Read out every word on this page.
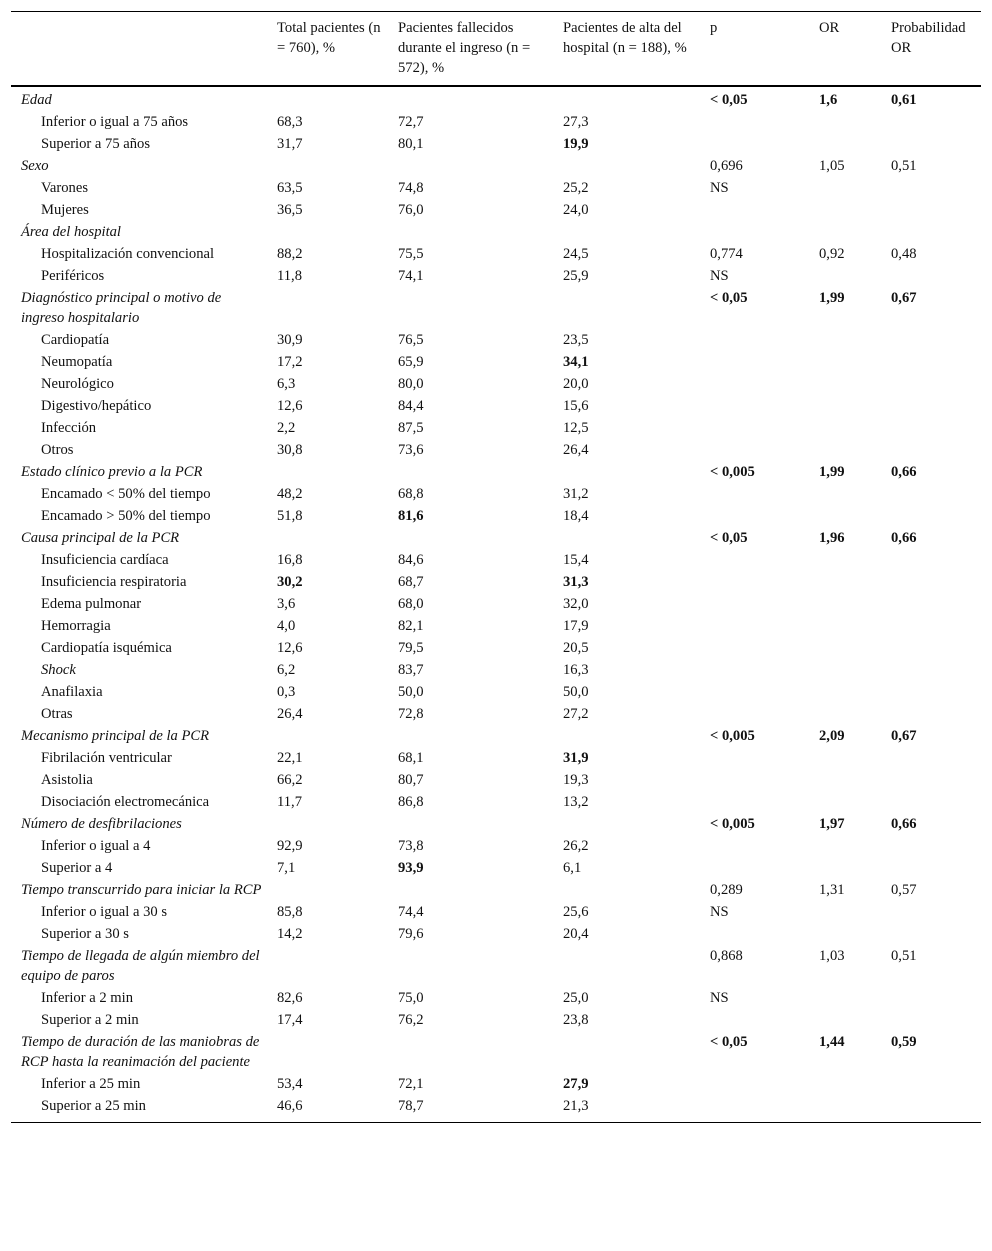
	Total pacientes (n = 760), %	Pacientes fallecidos durante el ingreso (n = 572), %	Pacientes de alta del hospital (n = 188), %	p	OR	Probabilidad OR
Edad				< 0,05	1,6	0,61
Inferior o igual a 75 años	68,3	72,7	27,3			
Superior a 75 años	31,7	80,1	19,9			
Sexo				0,696	1,05	0,51
Varones	63,5	74,8	25,2	NS		
Mujeres	36,5	76,0	24,0			
Área del hospital						
Hospitalización convencional	88,2	75,5	24,5	0,774	0,92	0,48
Periféricos	11,8	74,1	25,9	NS		
Diagnóstico principal o motivo de ingreso hospitalario				< 0,05	1,99	0,67
Cardiopatía	30,9	76,5	23,5			
Neumopatía	17,2	65,9	34,1			
Neurológico	6,3	80,0	20,0			
Digestivo/hepático	12,6	84,4	15,6			
Infección	2,2	87,5	12,5			
Otros	30,8	73,6	26,4			
Estado clínico previo a la PCR				< 0,005	1,99	0,66
Encamado < 50% del tiempo	48,2	68,8	31,2			
Encamado > 50% del tiempo	51,8	81,6	18,4			
Causa principal de la PCR				< 0,05	1,96	0,66
Insuficiencia cardíaca	16,8	84,6	15,4			
Insuficiencia respiratoria	30,2	68,7	31,3			
Edema pulmonar	3,6	68,0	32,0			
Hemorragia	4,0	82,1	17,9			
Cardiopatía isquémica	12,6	79,5	20,5			
Shock	6,2	83,7	16,3			
Anafilaxia	0,3	50,0	50,0			
Otras	26,4	72,8	27,2			
Mecanismo principal de la PCR				< 0,005	2,09	0,67
Fibrilación ventricular	22,1	68,1	31,9			
Asistolia	66,2	80,7	19,3			
Disociación electromecánica	11,7	86,8	13,2			
Número de desfibrilaciones				< 0,005	1,97	0,66
Inferior o igual a 4	92,9	73,8	26,2			
Superior a 4	7,1	93,9	6,1			
Tiempo transcurrido para iniciar la RCP				0,289	1,31	0,57
Inferior o igual a 30 s	85,8	74,4	25,6	NS		
Superior a 30 s	14,2	79,6	20,4			
Tiempo de llegada de algún miembro del equipo de paros				0,868	1,03	0,51
Inferior a 2 min	82,6	75,0	25,0	NS		
Superior a 2 min	17,4	76,2	23,8			
Tiempo de duración de las maniobras de RCP hasta la reanimación del paciente				< 0,05	1,44	0,59
Inferior a 25 min	53,4	72,1	27,9			
Superior a 25 min	46,6	78,7	21,3			
